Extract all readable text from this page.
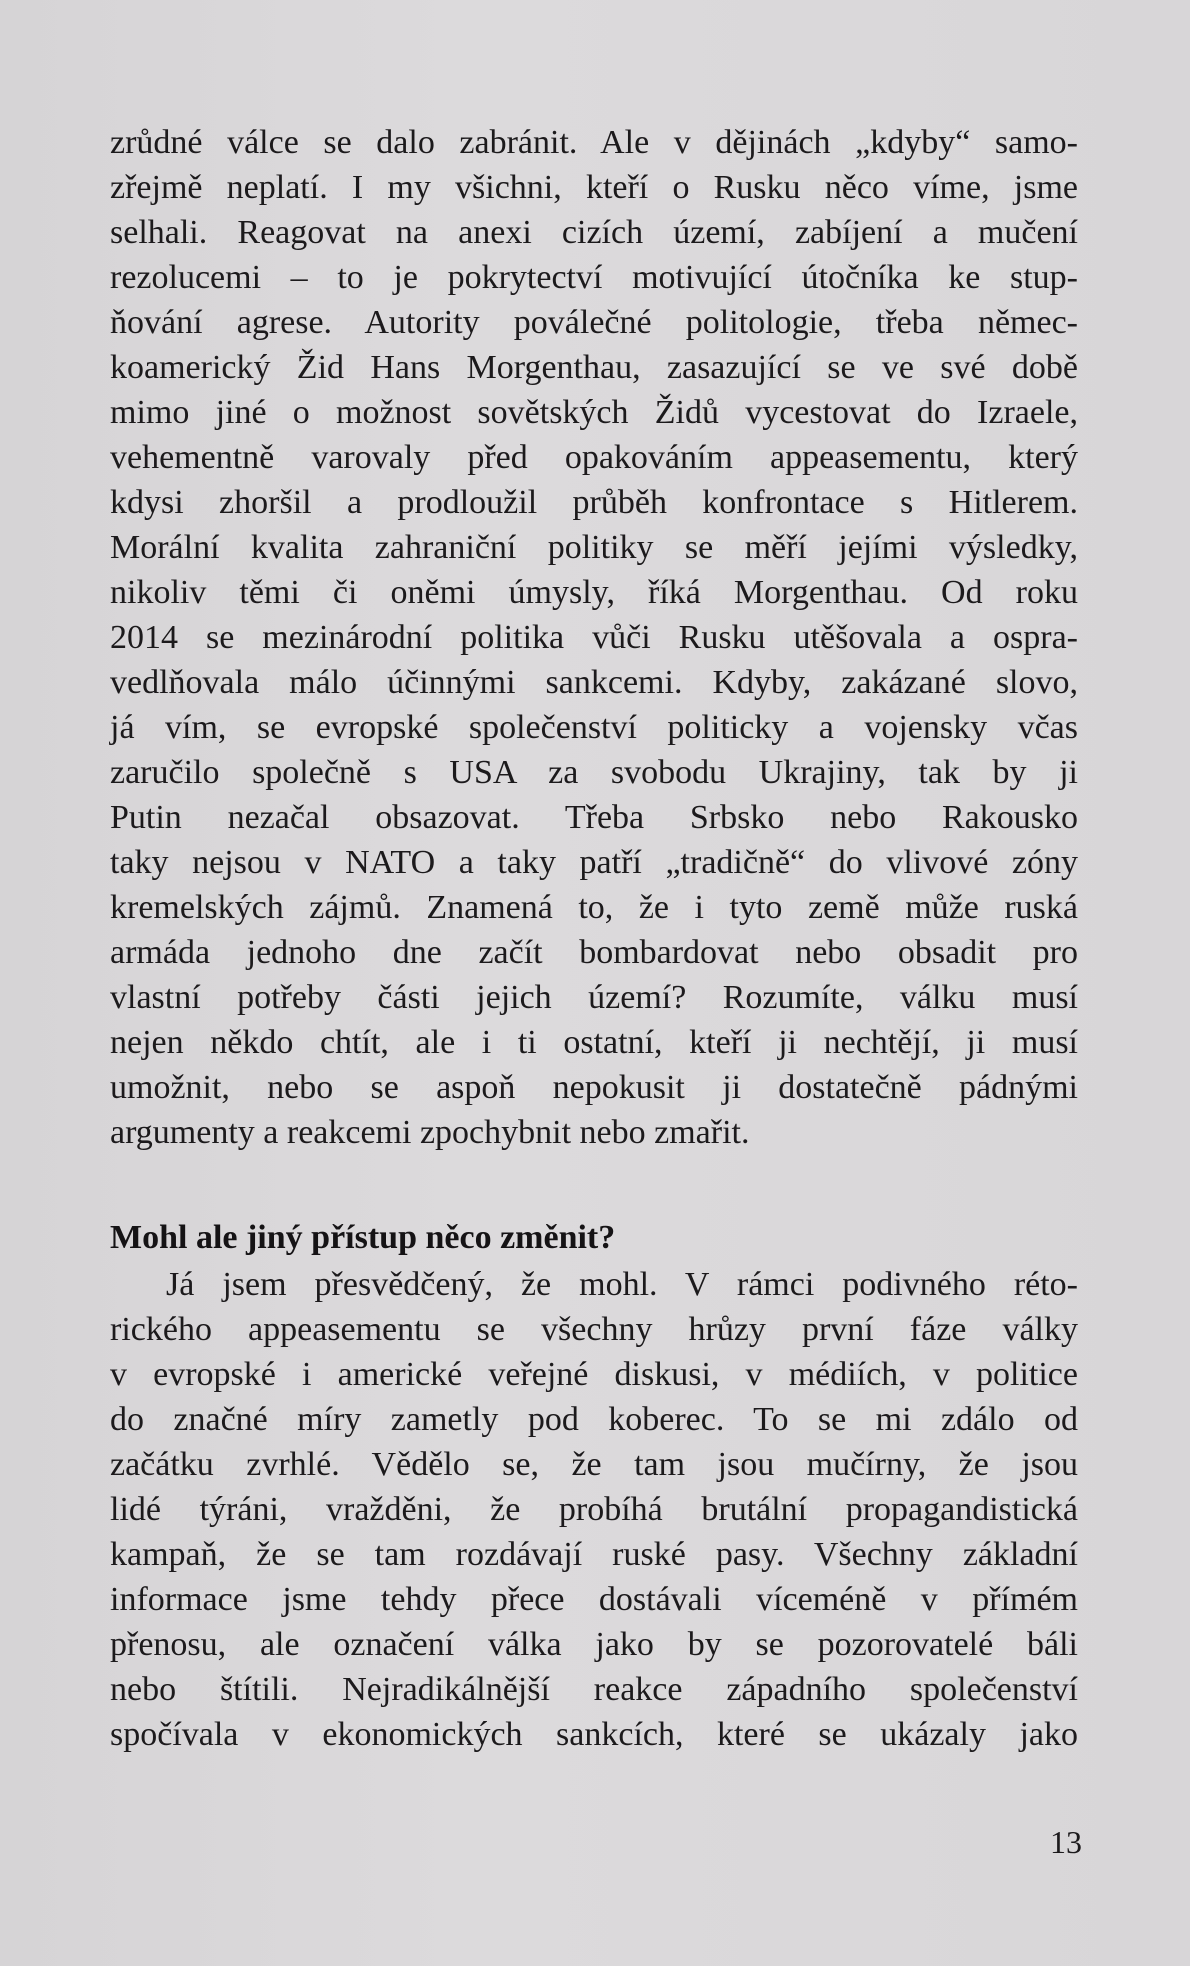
zrůdné válce se dalo zabránit. Ale v dějinách „kdyby“ samo-
zřejmě neplatí. I my všichni, kteří o Rusku něco víme, jsme
selhali. Reagovat na anexi cizích území, zabíjení a mučení
rezolucemi – to je pokrytectví motivující útočníka ke stup-
ňování agrese. Autority poválečné politologie, třeba němec-
koamerický Žid Hans Morgenthau, zasazující se ve své době
mimo jiné o možnost sovětských Židů vycestovat do Izraele,
vehementně varovaly před opakováním appeasementu, který
kdysi zhoršil a prodloužil průběh konfrontace s Hitlerem.
Morální kvalita zahraniční politiky se měří jejími výsledky,
nikoliv těmi či oněmi úmysly, říká Morgenthau. Od roku
2014 se mezinárodní politika vůči Rusku utěšovala a ospra-
vedlňovala málo účinnými sankcemi. Kdyby, zakázané slovo,
já vím, se evropské společenství politicky a vojensky včas
zaručilo společně s USA za svobodu Ukrajiny, tak by ji
Putin nezačal obsazovat. Třeba Srbsko nebo Rakousko
taky nejsou v NATO a taky patří „tradičně“ do vlivové zóny
kremelských zájmů. Znamená to, že i tyto země může ruská
armáda jednoho dne začít bombardovat nebo obsadit pro
vlastní potřeby části jejich území? Rozumíte, válku musí
nejen někdo chtít, ale i ti ostatní, kteří ji nechtějí, ji musí
umožnit, nebo se aspoň nepokusit ji dostatečně pádnými
argumenty a reakcemi zpochybnit nebo zmařit.
Mohl ale jiný přístup něco změnit?
Já jsem přesvědčený, že mohl. V rámci podivného réto-
rického appeasementu se všechny hrůzy první fáze války
v evropské i americké veřejné diskusi, v médiích, v politice
do značné míry zametly pod koberec. To se mi zdálo od
začátku zvrhlé. Vědělo se, že tam jsou mučírny, že jsou
lidé týráni, vražděni, že probíhá brutální propagandistická
kampaň, že se tam rozdávají ruské pasy. Všechny základní
informace jsme tehdy přece dostávali víceméně v přímém
přenosu, ale označení válka jako by se pozorovatelé báli
nebo štítili. Nejradikálnější reakce západního společenství
spočívala v ekonomických sankcích, které se ukázaly jako
13
